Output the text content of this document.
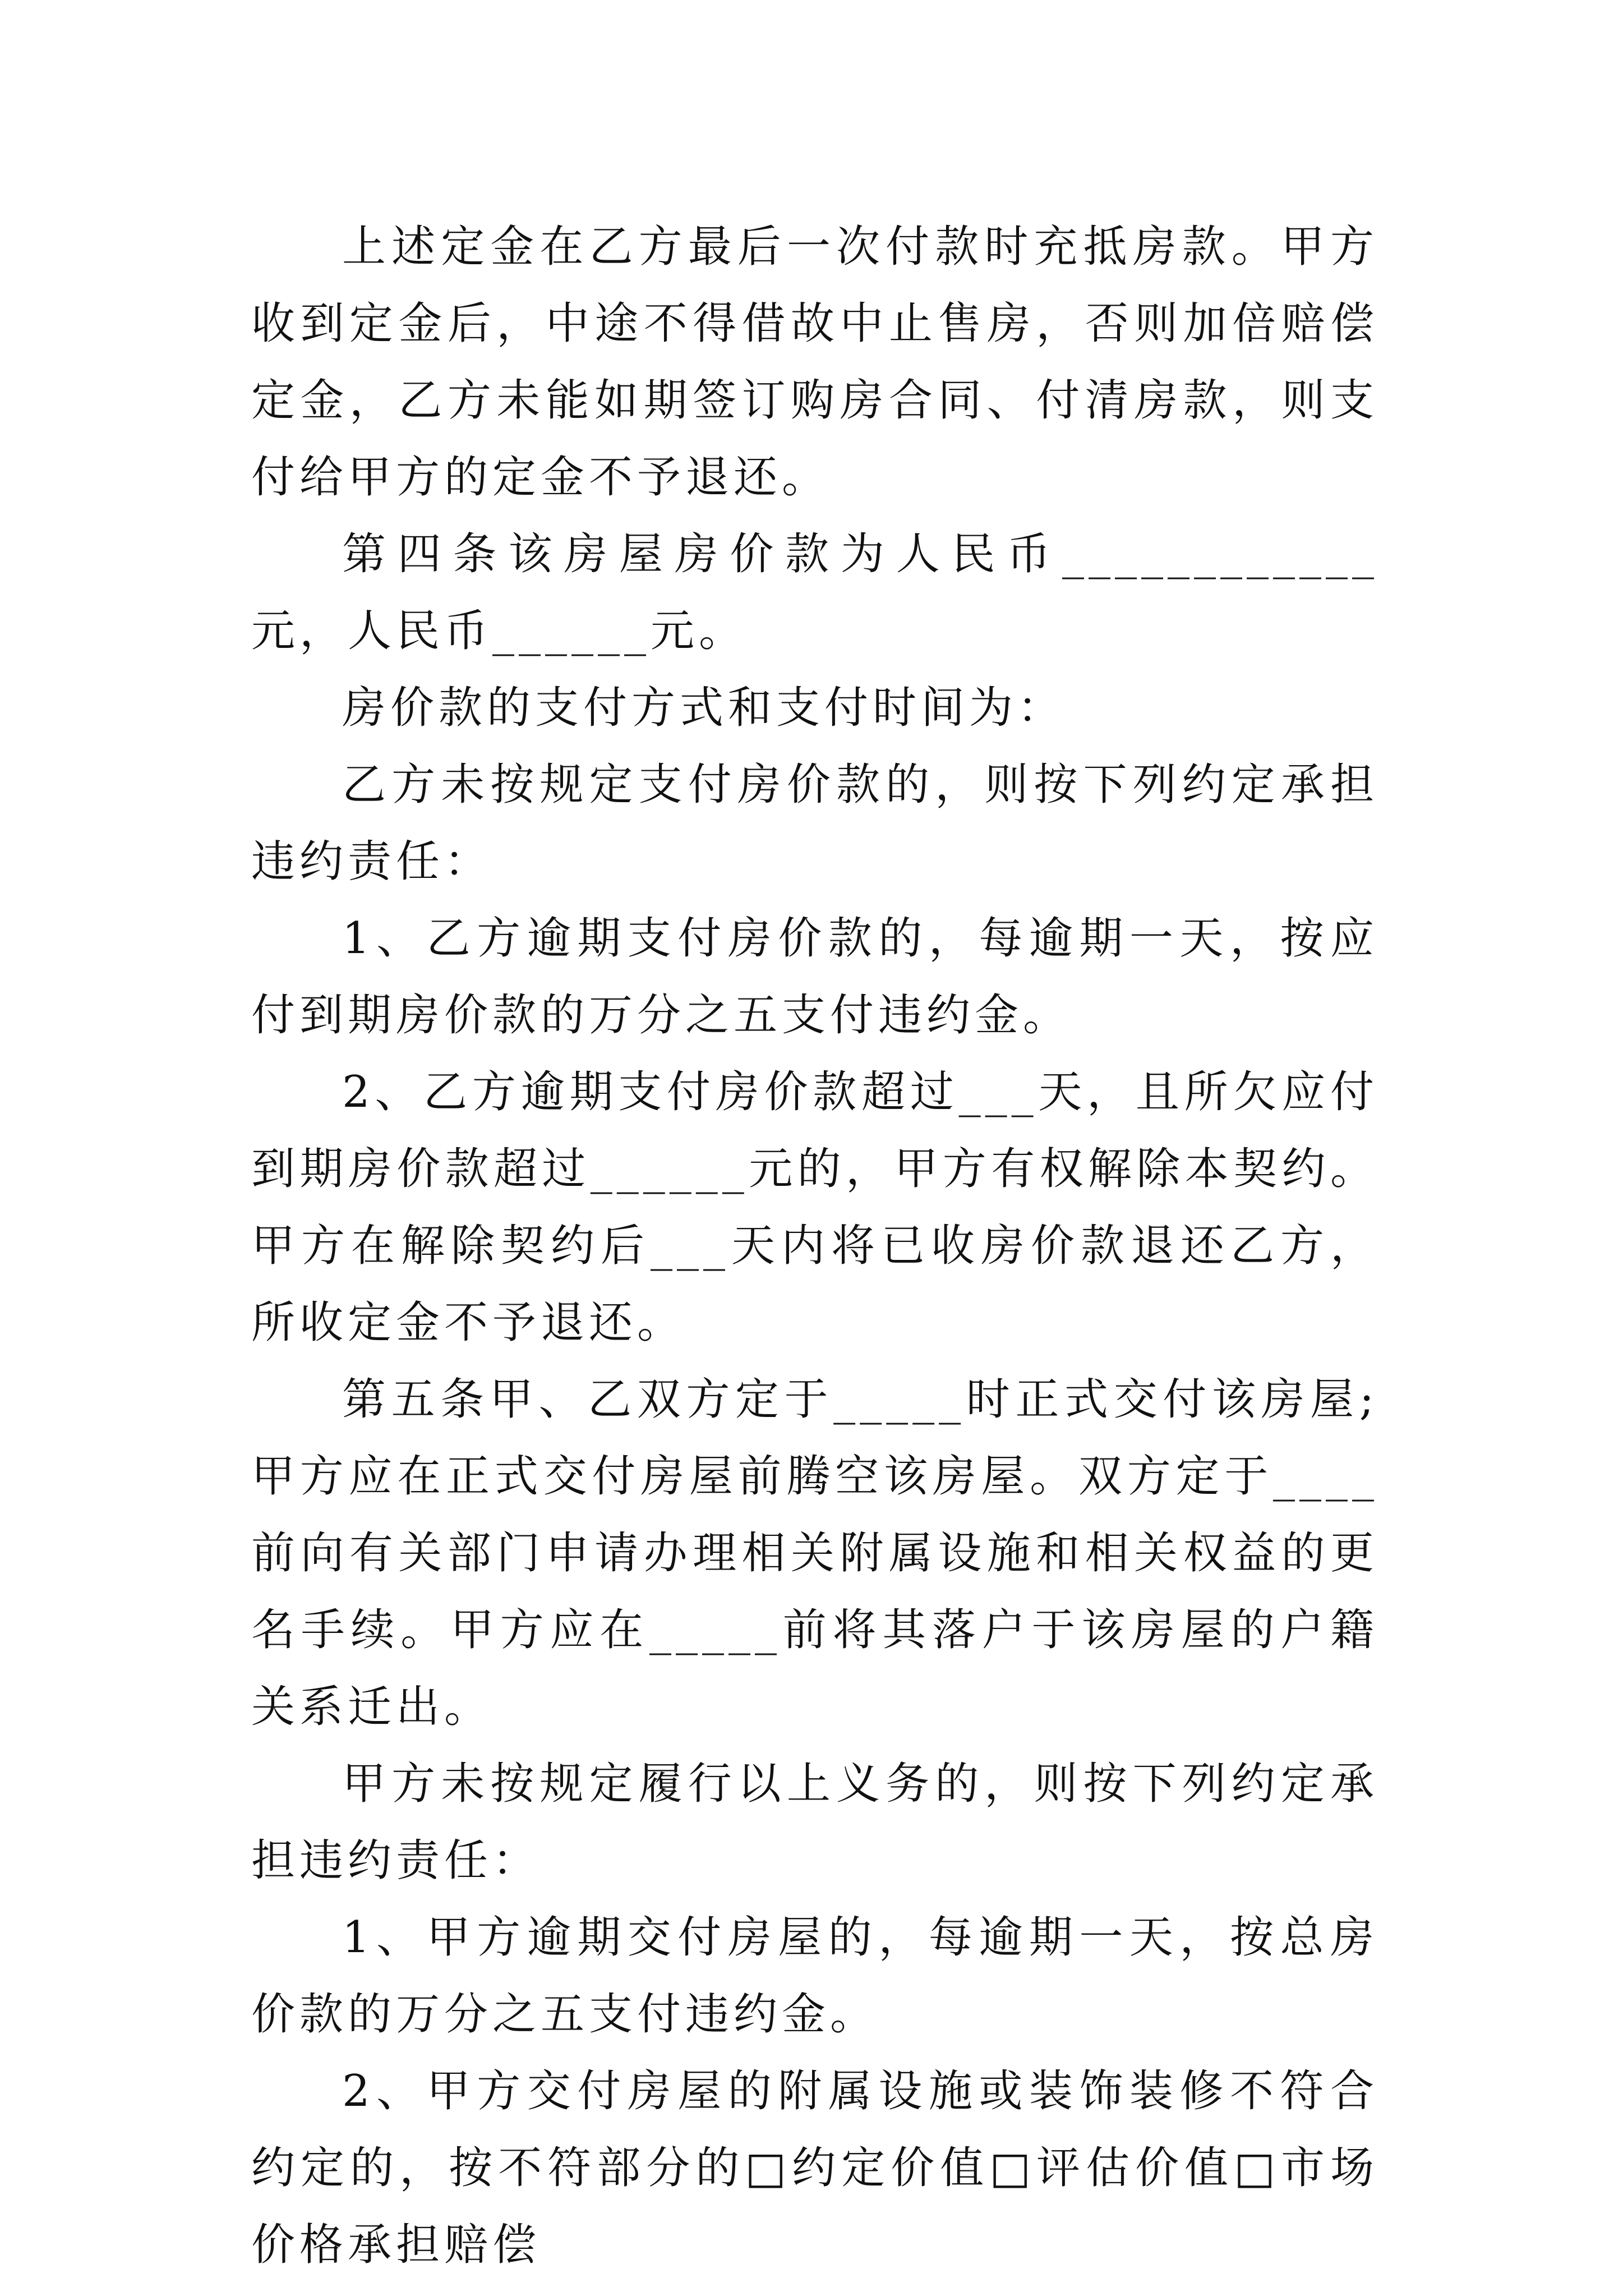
上述定金在乙方最后一次付款时充抵房款。甲方收到定金后，中途不得借故中止售房，否则加倍赔偿定金，乙方未能如期签订购房合同、付清房款，则支付给甲方的定金不予退还。

第四条该房屋房价款为人民币____________元，人民币______元。

房价款的支付方式和支付时间为：

乙方未按规定支付房价款的，则按下列约定承担违约责任：

1、乙方逾期支付房价款的，每逾期一天，按应付到期房价款的万分之五支付违约金。

2、乙方逾期支付房价款超过___天，且所欠应付到期房价款超过______元的，甲方有权解除本契约。甲方在解除契约后___天内将已收房价款退还乙方，所收定金不予退还。

第五条甲、乙双方定于_____时正式交付该房屋;甲方应在正式交付房屋前腾空该房屋。双方定于____前向有关部门申请办理相关附属设施和相关权益的更名手续。甲方应在_____前将其落户于该房屋的户籍关系迁出。

甲方未按规定履行以上义务的，则按下列约定承担违约责任：

1、甲方逾期交付房屋的，每逾期一天，按总房价款的万分之五支付违约金。

2、甲方交付房屋的附属设施或装饰装修不符合约定的，按不符部分的□约定价值□评估价值□市场价格承担赔偿
